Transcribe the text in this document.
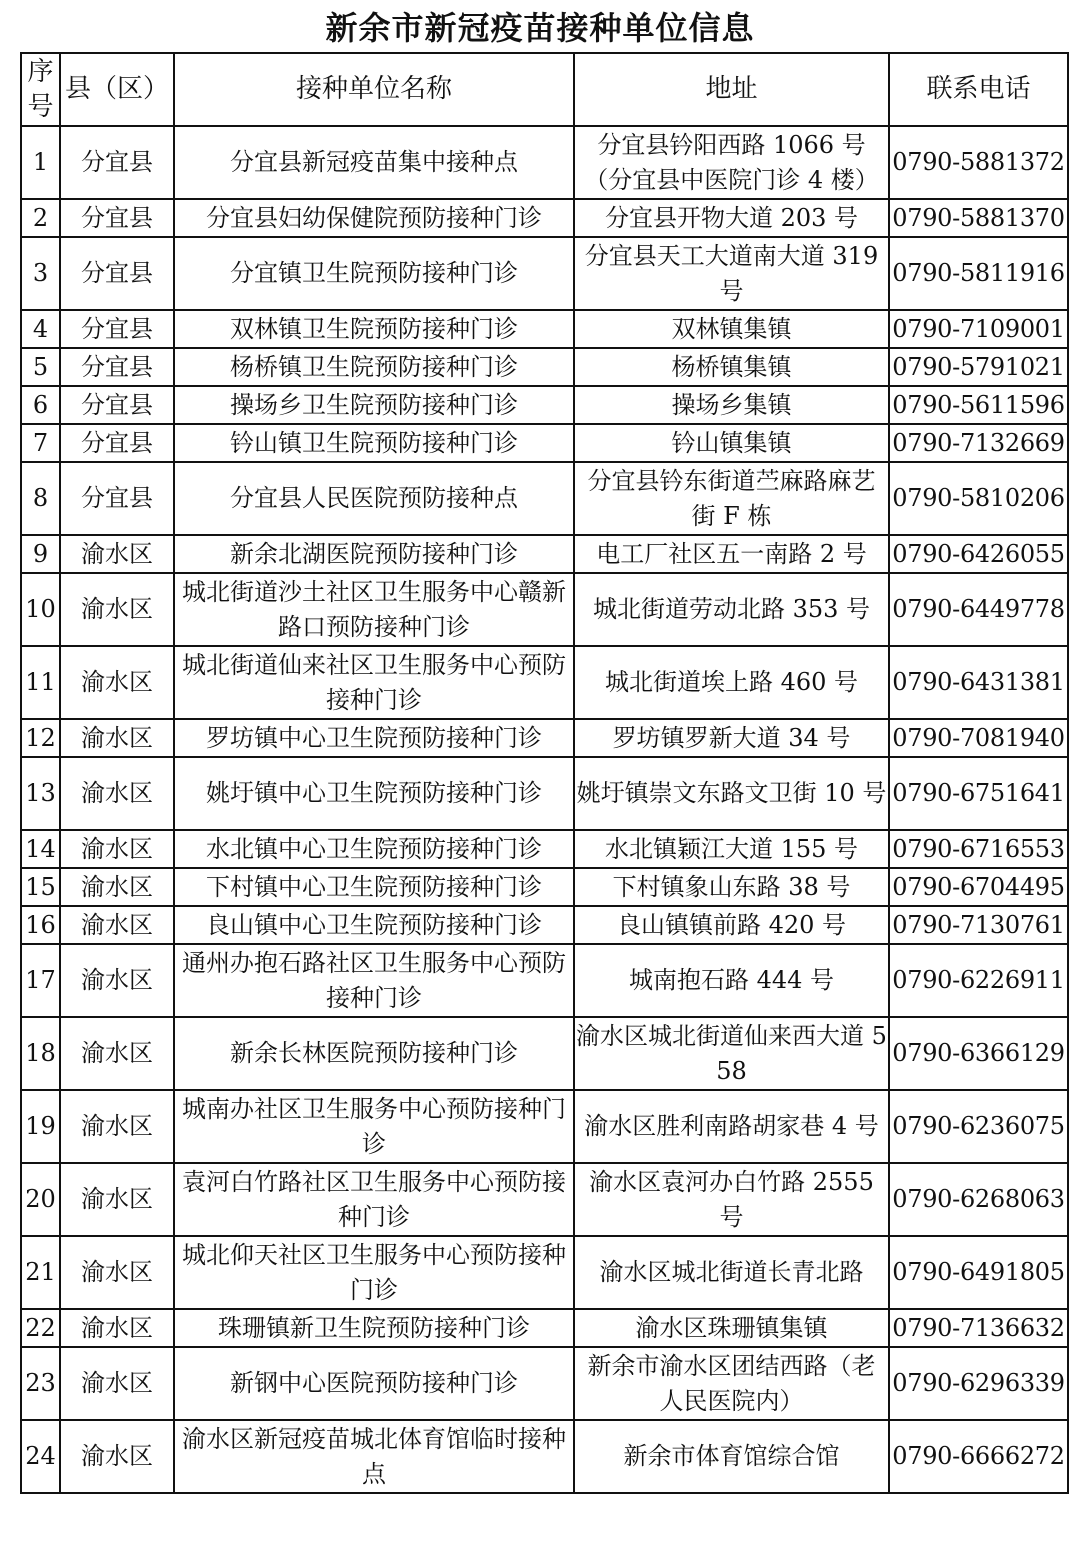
新余市新冠疫苗接种单位信息
序号	县（区）	接种单位名称	地址	联系电话
1	分宜县	分宜县新冠疫苗集中接种点	分宜县钤阳西路 1066 号（分宜县中医院门诊 4 楼）	0790-5881372
2	分宜县	分宜县妇幼保健院预防接种门诊	分宜县开物大道 203 号	0790-5881370
3	分宜县	分宜镇卫生院预防接种门诊	分宜县天工大道南大道 319 号	0790-5811916
4	分宜县	双林镇卫生院预防接种门诊	双林镇集镇	0790-7109001
5	分宜县	杨桥镇卫生院预防接种门诊	杨桥镇集镇	0790-5791021
6	分宜县	操场乡卫生院预防接种门诊	操场乡集镇	0790-5611596
7	分宜县	钤山镇卫生院预防接种门诊	钤山镇集镇	0790-7132669
8	分宜县	分宜县人民医院预防接种点	分宜县钤东街道苎麻路麻艺街 F 栋	0790-5810206
9	渝水区	新余北湖医院预防接种门诊	电工厂社区五一南路 2 号	0790-6426055
10	渝水区	城北街道沙土社区卫生服务中心赣新路口预防接种门诊	城北街道劳动北路 353 号	0790-6449778
11	渝水区	城北街道仙来社区卫生服务中心预防接种门诊	城北街道埃上路 460 号	0790-6431381
12	渝水区	罗坊镇中心卫生院预防接种门诊	罗坊镇罗新大道 34 号	0790-7081940
13	渝水区	姚圩镇中心卫生院预防接种门诊	姚圩镇崇文东路文卫街 10 号	0790-6751641
14	渝水区	水北镇中心卫生院预防接种门诊	水北镇颖江大道 155 号	0790-6716553
15	渝水区	下村镇中心卫生院预防接种门诊	下村镇象山东路 38 号	0790-6704495
16	渝水区	良山镇中心卫生院预防接种门诊	良山镇镇前路 420 号	0790-7130761
17	渝水区	通州办抱石路社区卫生服务中心预防接种门诊	城南抱石路 444 号	0790-6226911
18	渝水区	新余长林医院预防接种门诊	渝水区城北街道仙来西大道 558	0790-6366129
19	渝水区	城南办社区卫生服务中心预防接种门诊	渝水区胜利南路胡家巷 4 号	0790-6236075
20	渝水区	袁河白竹路社区卫生服务中心预防接种门诊	渝水区袁河办白竹路 2555 号	0790-6268063
21	渝水区	城北仰天社区卫生服务中心预防接种门诊	渝水区城北街道长青北路	0790-6491805
22	渝水区	珠珊镇新卫生院预防接种门诊	渝水区珠珊镇集镇	0790-7136632
23	渝水区	新钢中心医院预防接种门诊	新余市渝水区团结西路（老人民医院内）	0790-6296339
24	渝水区	渝水区新冠疫苗城北体育馆临时接种点	新余市体育馆综合馆	0790-6666272
